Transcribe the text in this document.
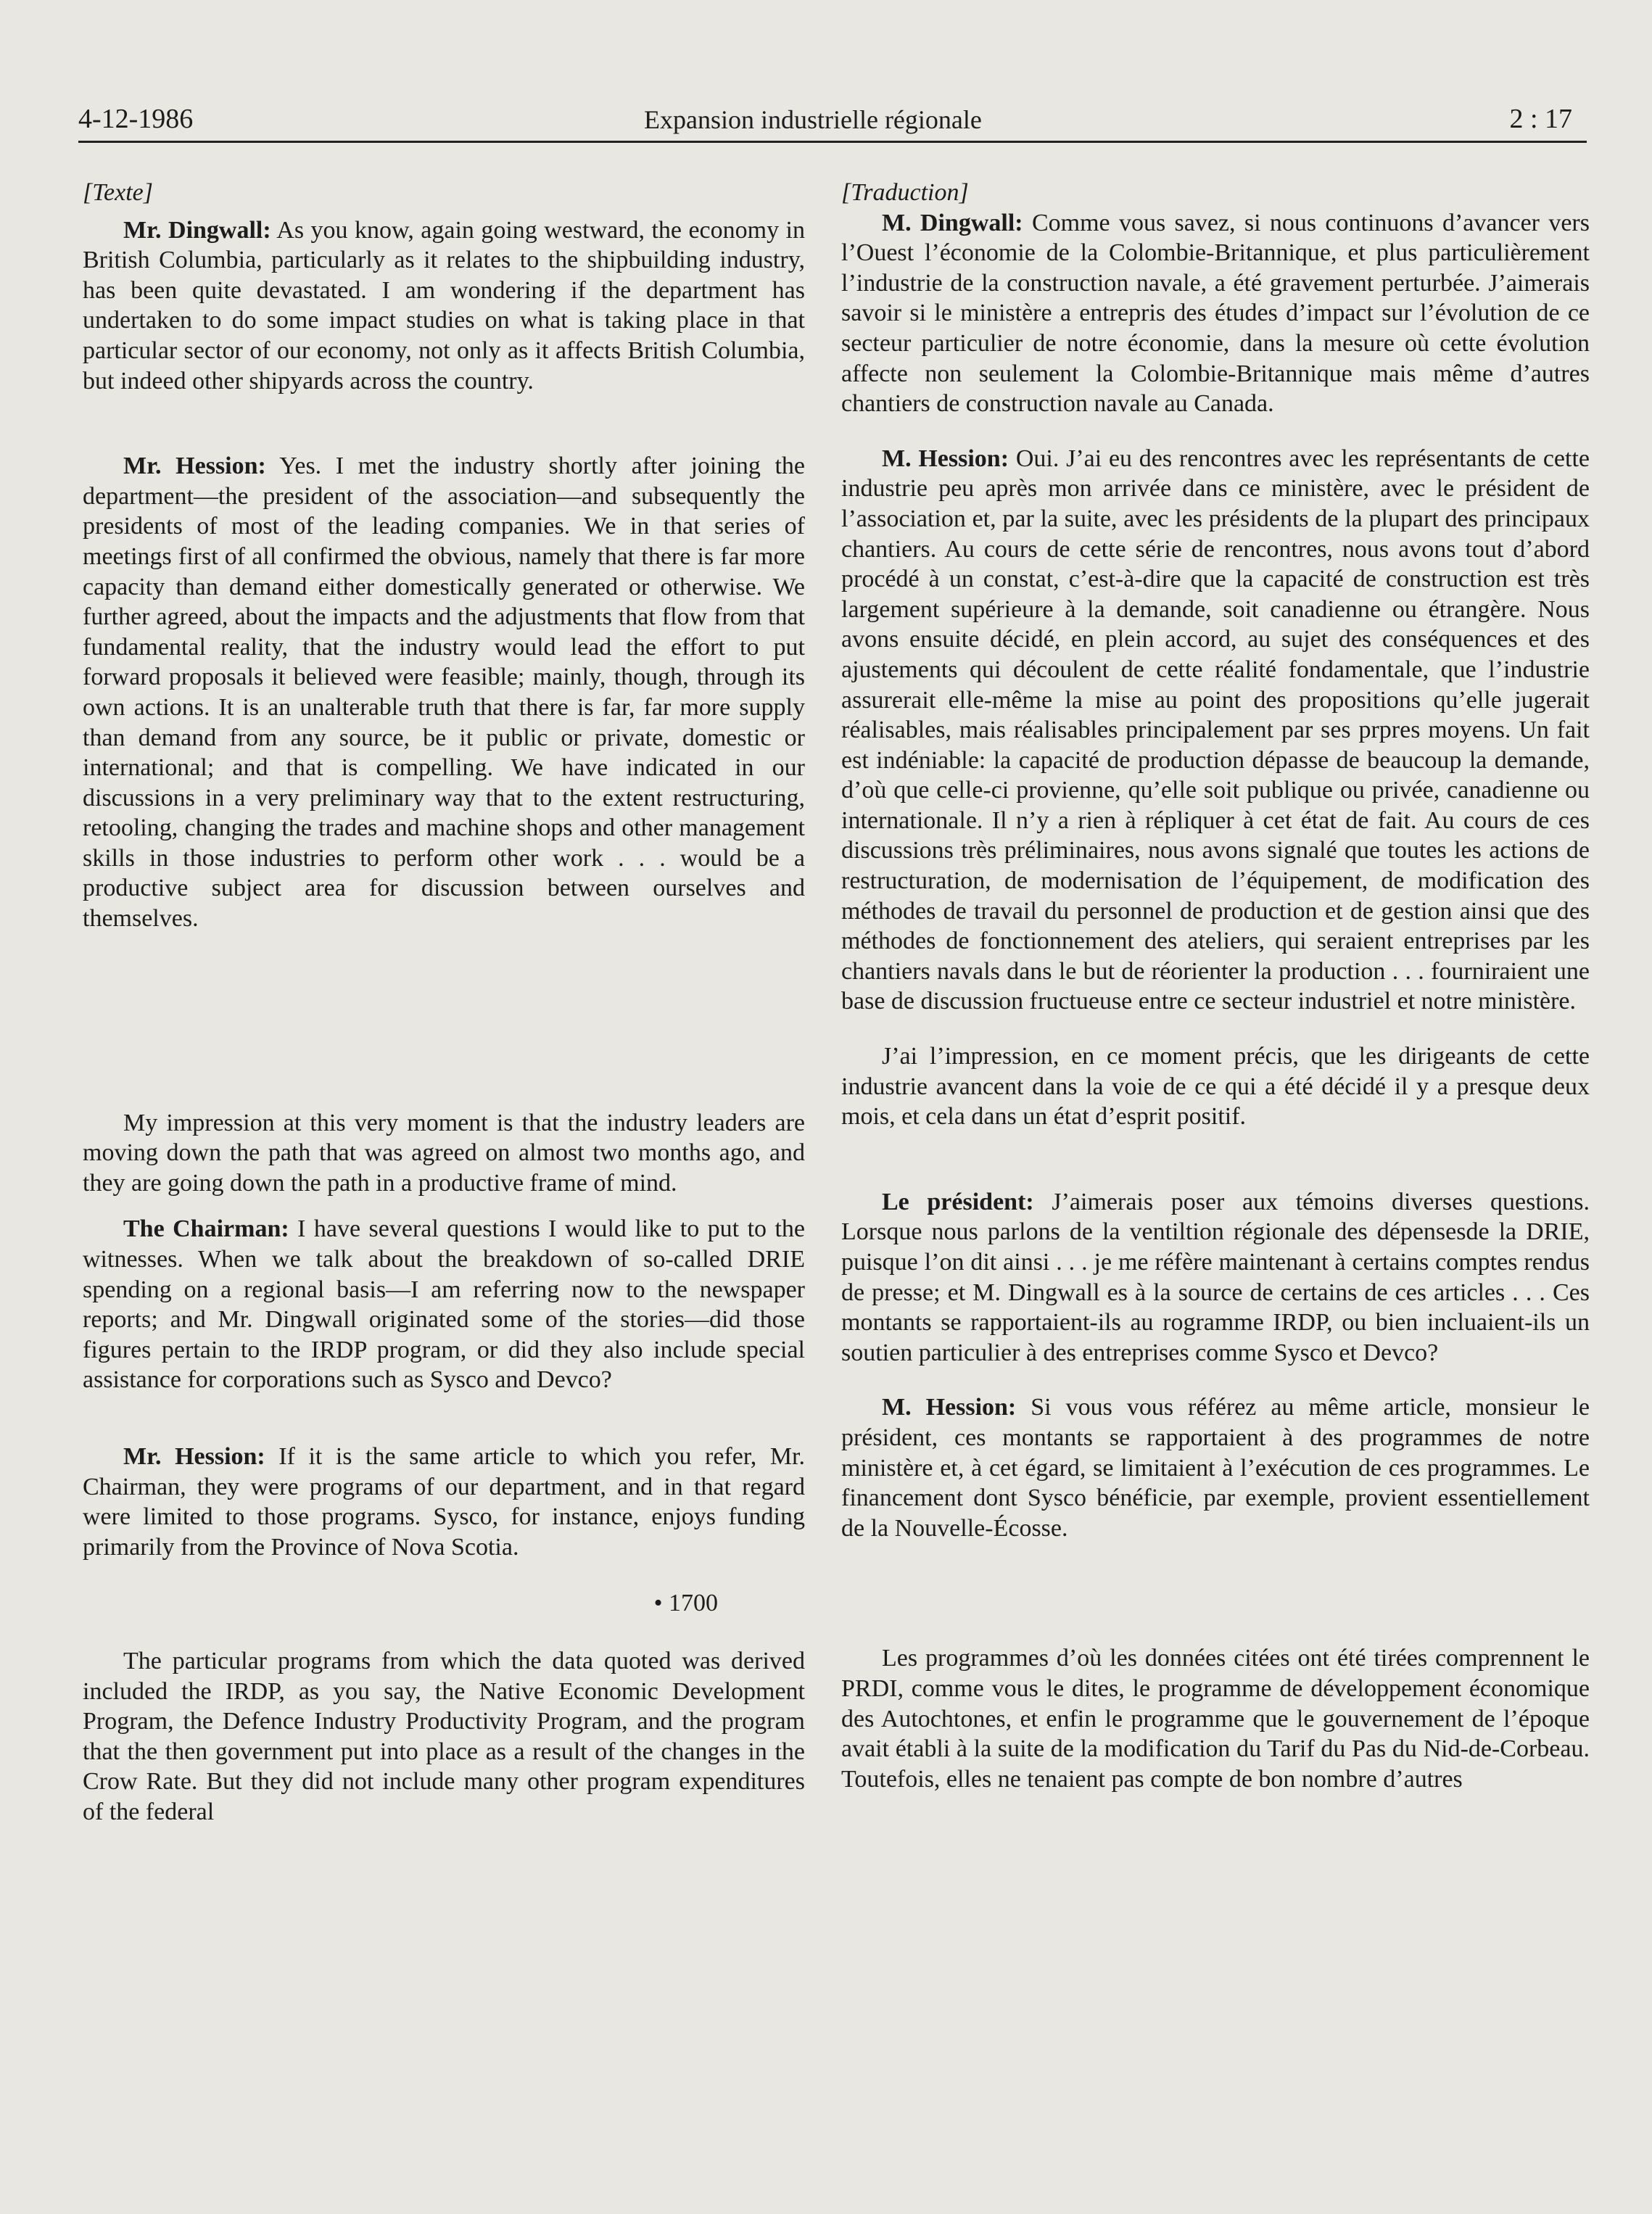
4-12-1986	Expansion industrielle régionale	2 : 17
[Texte]

Mr. Dingwall: As you know, again going westward, the economy in British Columbia, particularly as it relates to the shipbuilding industry, has been quite devastated. I am wondering if the department has undertaken to do some impact studies on what is taking place in that particular sector of our economy, not only as it affects British Columbia, but indeed other shipyards across the country.

Mr. Hession: Yes. I met the industry shortly after joining the department—the president of the association—and subsequently the presidents of most of the leading companies. We in that series of meetings first of all confirmed the obvious, namely that there is far more capacity than demand either domestically generated or otherwise. We further agreed, about the impacts and the adjustments that flow from that fundamental reality, that the industry would lead the effort to put forward proposals it believed were feasible; mainly, though, through its own actions. It is an unalterable truth that there is far, far more supply than demand from any source, be it public or private, domestic or international; and that is compelling. We have indicated in our discussions in a very preliminary way that to the extent restructuring, retooling, changing the trades and machine shops and other management skills in those industries to perform other work . . . would be a productive subject area for discussion between ourselves and themselves.

My impression at this very moment is that the industry leaders are moving down the path that was agreed on almost two months ago, and they are going down the path in a productive frame of mind.

The Chairman: I have several questions I would like to put to the witnesses. When we talk about the breakdown of so-called DRIE spending on a regional basis—I am referring now to the newspaper reports; and Mr. Dingwall originated some of the stories—did those figures pertain to the IRDP program, or did they also include special assistance for corporations such as Sysco and Devco?

Mr. Hession: If it is the same article to which you refer, Mr. Chairman, they were programs of our department, and in that regard were limited to those programs. Sysco, for instance, enjoys funding primarily from the Province of Nova Scotia.

• 1700

The particular programs from which the data quoted was derived included the IRDP, as you say, the Native Economic Development Program, the Defence Industry Productivity Program, and the program that the then government put into place as a result of the changes in the Crow Rate. But they did not include many other program expenditures of the federal

[Traduction]

M. Dingwall: Comme vous savez, si nous continuons d’avancer vers l’Ouest l’économie de la Colombie-Britannique, et plus particulièrement l’industrie de la construction navale, a été gravement perturbée. J’aimerais savoir si le ministère a entrepris des études d’impact sur l’évolution de ce secteur particulier de notre économie, dans la mesure où cette évolution affecte non seulement la Colombie-Britannique mais même d’autres chantiers de construction navale au Canada.

M. Hession: Oui. J’ai eu des rencontres avec les représentants de cette industrie peu après mon arrivée dans ce ministère, avec le président de l’association et, par la suite, avec les présidents de la plupart des principaux chantiers. Au cours de cette série de rencontres, nous avons tout d’abord procédé à un constat, c’est-à-dire que la capacité de construction est très largement supérieure à la demande, soit canadienne ou étrangère. Nous avons ensuite décidé, en plein accord, au sujet des conséquences et des ajustements qui découlent de cette réalité fondamentale, que l’industrie assurerait elle-même la mise au point des propositions qu’elle jugerait réalisables, mais réalisables principalement par ses prpres moyens. Un fait est indéniable: la capacité de production dépasse de beaucoup la demande, d’où que celle-ci provienne, qu’elle soit publique ou privée, canadienne ou internationale. Il n’y a rien à répliquer à cet état de fait. Au cours de ces discussions très préliminaires, nous avons signalé que toutes les actions de restructuration, de modernisation de l’équipement, de modification des méthodes de travail du personnel de production et de gestion ainsi que des méthodes de fonctionnement des ateliers, qui seraient entreprises par les chantiers navals dans le but de réorienter la production . . . fourniraient une base de discussion fructueuse entre ce secteur industriel et notre ministère.

J’ai l’impression, en ce moment précis, que les dirigeants de cette industrie avancent dans la voie de ce qui a été décidé il y a presque deux mois, et cela dans un état d’esprit positif.

Le président: J’aimerais poser aux témoins diverses questions. Lorsque nous parlons de la ventiltion régionale des dépensesde la DRIE, puisque l’on dit ainsi . . . je me réfère maintenant à certains comptes rendus de presse; et M. Dingwall es à la source de certains de ces articles . . . Ces montants se rapportaient-ils au rogramme IRDP, ou bien incluaient-ils un soutien particulier à des entreprises comme Sysco et Devco?

M. Hession: Si vous vous référez au même article, monsieur le président, ces montants se rapportaient à des programmes de notre ministère et, à cet égard, se limitaient à l’exécution de ces programmes. Le financement dont Sysco bénéficie, par exemple, provient essentiellement de la Nouvelle-Écosse.

Les programmes d’où les données citées ont été tirées comprennent le PRDI, comme vous le dites, le programme de développement économique des Autochtones, et enfin le programme que le gouvernement de l’époque avait établi à la suite de la modification du Tarif du Pas du Nid-de-Corbeau. Toutefois, elles ne tenaient pas compte de bon nombre d’autres
